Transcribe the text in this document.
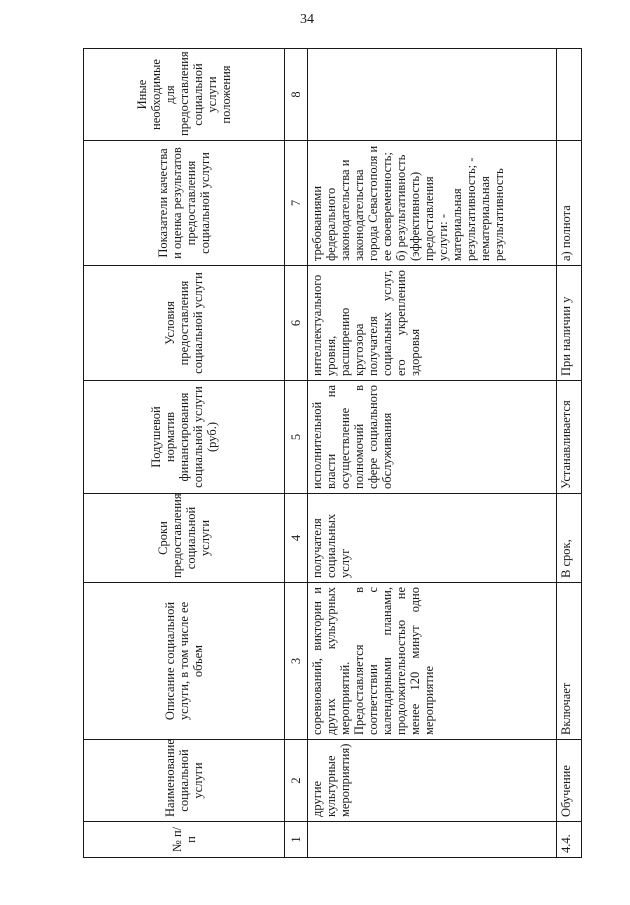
34
№ п/п	Наименование социальной услуги	Описание социальной услуги, в том числе ее объем	Сроки предоставления социальной услуги	Подушевой норматив финансирования социальной услуги (руб.)	Условия предоставления социальной услуги	Показатели качества и оценка результатов предоставления социальной услуги	Иные необходимые для предоставления социальной услуги положения
1	2	3	4	5	6	7	8
	другие культурные мероприятия)	соревнований, викторин и других культурных мероприятий. Предоставляется в соответствии с календарными планами, продолжительностью не менее 120 минут одно мероприятие	получателя социальных услуг	исполнительной власти на осуществление полномочий в сфере социального обслуживания	интеллектуального уровня, расширению кругозора получателя социальных услуг, его укреплению здоровья	требованиями федерального законодательства и законодательства города Севастополя и ее своевременность; б) результативность (эффективность) предоставления услуги: - материальная результативность; - нематериальная результативность	
4.4.	Обучение	Включает	В срок,	Устанавливается	При наличии у	а) полнота	
